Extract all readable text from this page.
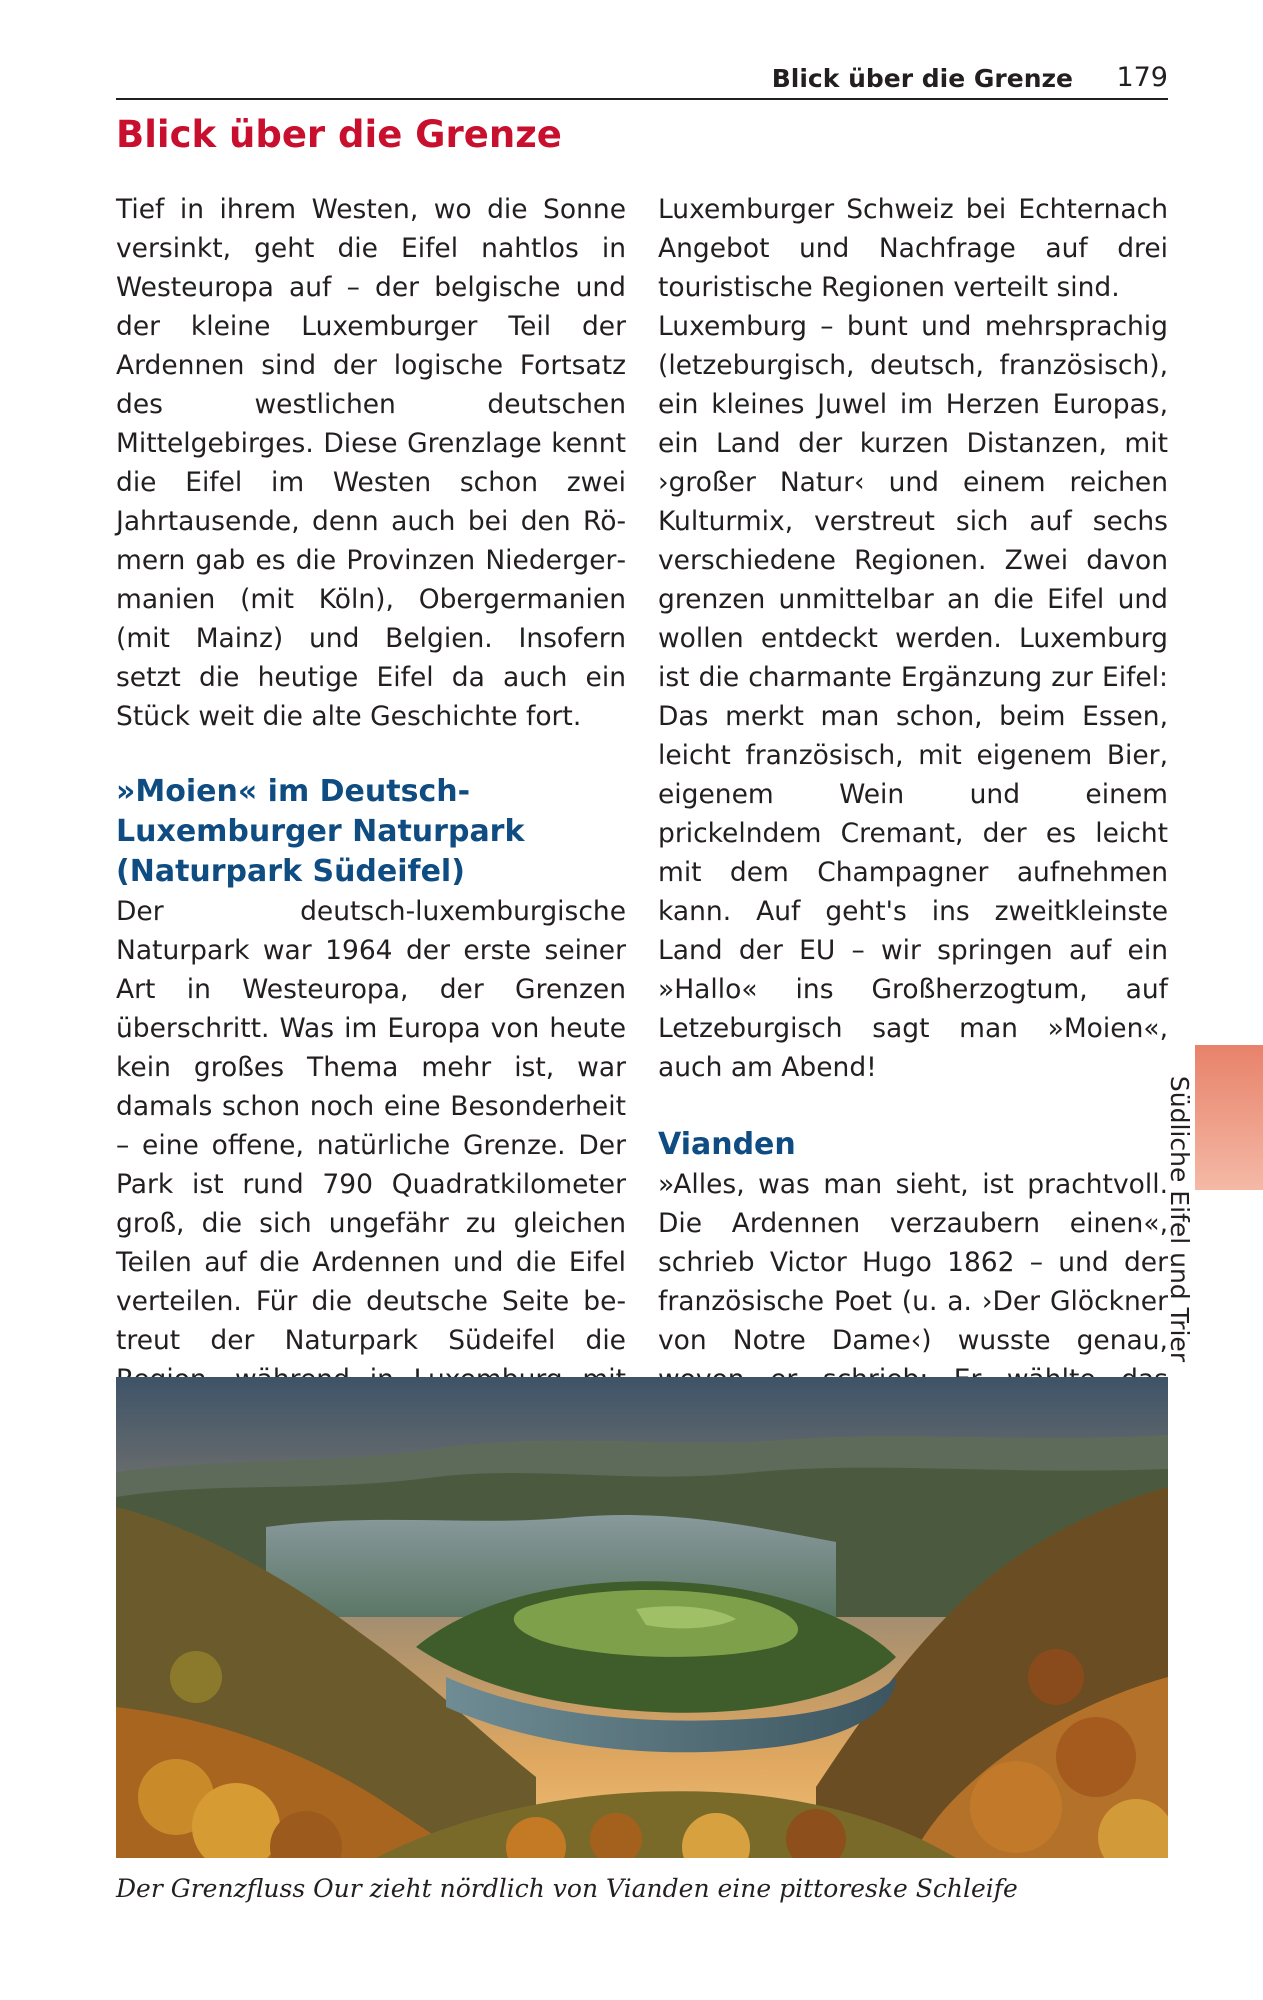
Blick über die Grenze 179
Blick über die Grenze

Tief in ihrem Westen, wo die Sonne versinkt, geht die Eifel nahtlos in Westeuropa auf – der belgische und der kleine Luxemburger Teil der Ardennen sind der logische Fortsatz des westlichen deutschen Mittelgebirges. Diese Grenzlage kennt die Eifel im Westen schon zwei Jahrtausende, denn auch bei den Römern gab es die Provinzen Niedergermanien (mit Köln), Obergermanien (mit Mainz) und Belgien. Insofern setzt die heutige Eifel da auch ein Stück weit die alte Geschichte fort.

»Moien« im Deutsch-Luxemburger Naturpark (Naturpark Südeifel)

Der deutsch-luxemburgische Naturpark war 1964 der erste seiner Art in Westeuropa, der Grenzen überschritt. Was im Europa von heute kein großes Thema mehr ist, war damals schon noch eine Besonderheit – eine offene, natürliche Grenze. Der Park ist rund 790 Quadratkilometer groß, die sich ungefähr zu gleichen Teilen auf die Ardennen und die Eifel verteilen. Für die deutsche Seite betreut der Naturpark Südeifel die

Luxemburger Schweiz bei Echternach Angebot und Nachfrage auf drei touristische Regionen verteilt sind.

Luxemburg – bunt und mehrsprachig (letzeburgisch, deutsch, französisch), ein kleines Juwel im Herzen Europas, ein Land der kurzen Distanzen, mit ›großer Natur‹ und einem reichen Kulturmix, verstreut sich auf sechs verschiedene Regionen. Zwei davon grenzen unmittelbar an die Eifel und wollen entdeckt werden. Luxemburg ist die charmante Ergänzung zur Eifel: Das merkt man schon, beim Essen, leicht französisch, mit eigenem Bier, eigenem Wein und einem prickelndem Cremant, der es leicht mit dem Champagner aufnehmen kann. Auf geht's ins zweitkleinste Land der EU – wir springen auf ein »Hallo« ins Großherzogtum, auf Letzeburgisch sagt man »Moien«, auch am Abend!

Vianden

»Alles, was man sieht, ist prachtvoll. Die Ardennen verzaubern einen«, schrieb Victor Hugo 1862 – und der französische Poet (u. a. ›Der Glöckner von Notre Dame‹) wusste genau,

Südliche Eifel und Trier
Der Grenzfluss Our zieht nördlich von Vianden eine pittoreske Schleife
